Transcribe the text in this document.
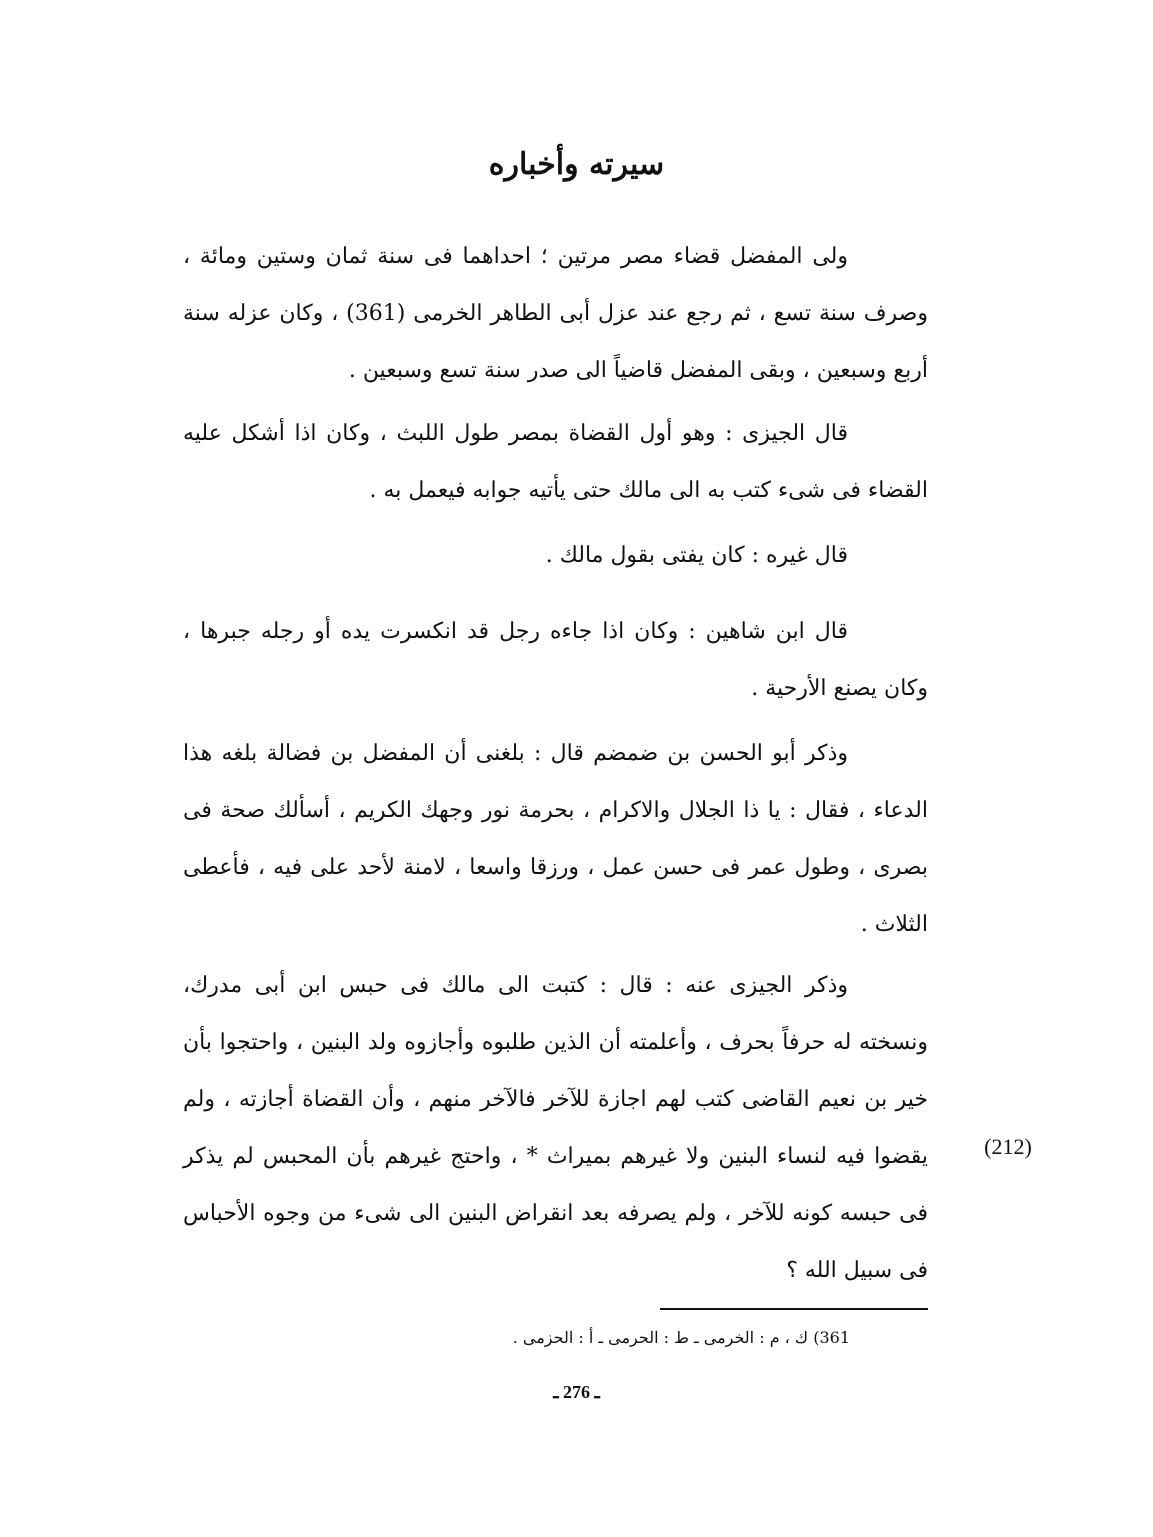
سيرته وأخباره

ولى المفضل قضاء مصر مرتين ؛ احداهما فى سنة ثمان وستين ومائة ، وصرف سنة تسع ، ثم رجع عند عزل أبى الطاهر الخرمى (361) ، وكان عزله سنة أربع وسبعين ، وبقى المفضل قاضياً الى صدر سنة تسع وسبعين .

قال الجيزى : وهو أول القضاة بمصر طول اللبث ، وكان اذا أشكل عليه القضاء فى شىء كتب به الى مالك حتى يأتيه جوابه فيعمل به .

قال غيره : كان يفتى بقول مالك .

قال ابن شاهين : وكان اذا جاءه رجل قد انكسرت يده أو رجله جبرها ، وكان يصنع الأرحية .

وذكر أبو الحسن بن ضمضم قال : بلغنى أن المفضل بن فضالة بلغه هذا الدعاء ، فقال : يا ذا الجلال والاكرام ، بحرمة نور وجهك الكريم ، أسألك صحة فى بصرى ، وطول عمر فى حسن عمل ، ورزقا واسعا ، لامنة لأحد على فيه ، فأعطى الثلاث .

وذكر الجيزى عنه : قال : كتبت الى مالك فى حبس ابن أبى مدرك، ونسخته له حرفاً بحرف ، وأعلمته أن الذين طلبوه وأجازوه ولد البنين ، واحتجوا بأن خير بن نعيم القاضى كتب لهم اجازة للآخر فالآخر منهم ، وأن القضاة أجازته ، ولم يقضوا فيه لنساء البنين ولا غيرهم بميراث * ، واحتج غيرهم بأن المحبس لم يذكر فى حبسه كونه للآخر ، ولم يصرفه بعد انقراض البنين الى شىء من وجوه الأحباس فى سبيل الله ؟

(212)
361) ك ، م : الخرمى ـ ط : الحرمى ـ أ : الحزمى .
ـ 276 ـ
